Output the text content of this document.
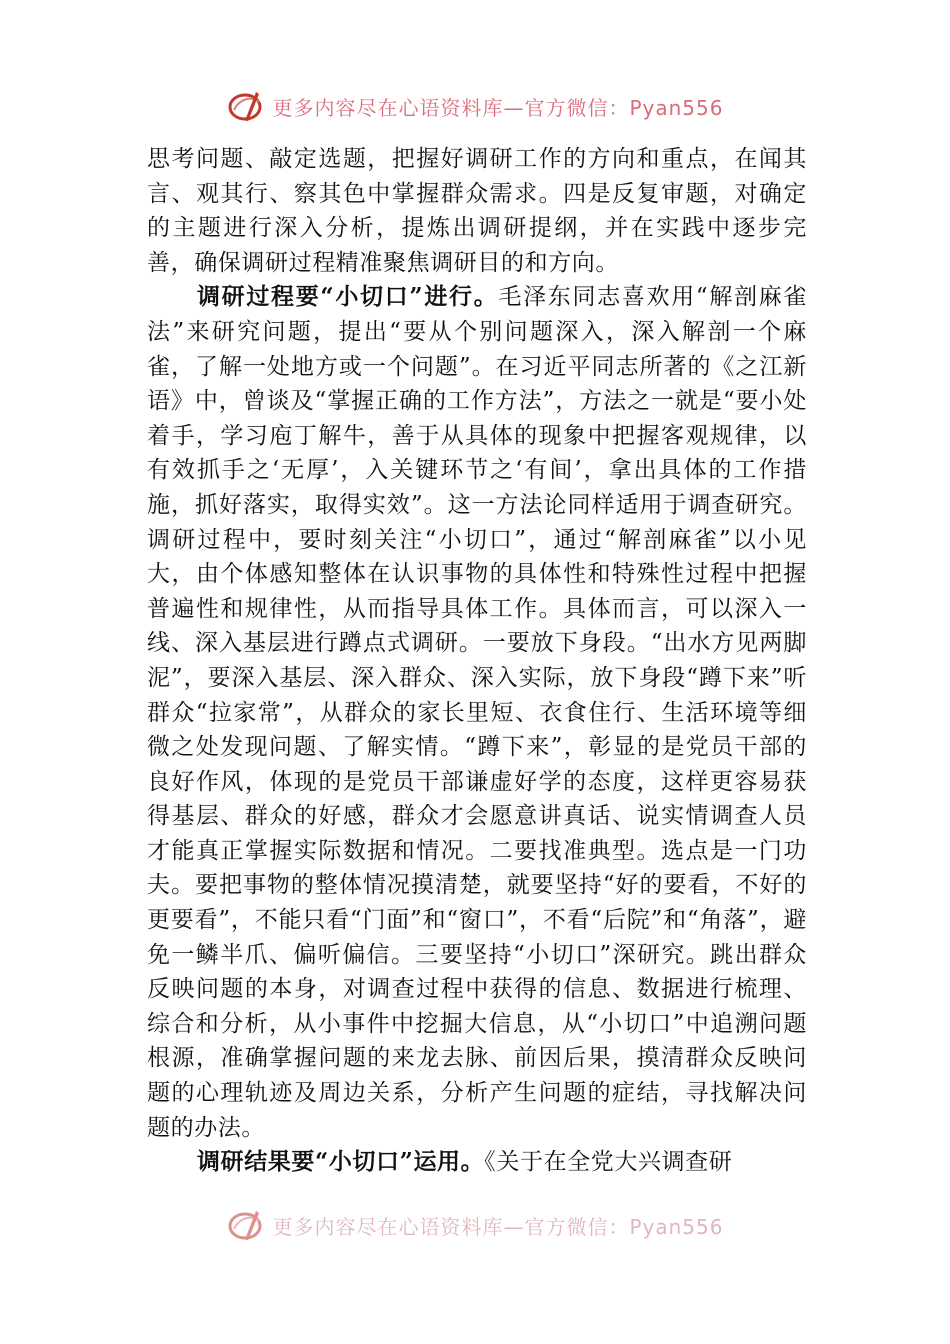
更多内容尽在心语资料库—官方微信：Pyan556

思考问题、敲定选题，把握好调研工作的方向和重点，在闻其言、观其行、察其色中掌握群众需求。四是反复审题，对确定的主题进行深入分析，提炼出调研提纲，并在实践中逐步完善，确保调研过程精准聚焦调研目的和方向。

调研过程要“小切口”进行。毛泽东同志喜欢用“解剖麻雀法”来研究问题，提出“要从个别问题深入，深入解剖一个麻雀，了解一处地方或一个问题”。在习近平同志所著的《之江新语》中，曾谈及“掌握正确的工作方法”，方法之一就是“要小处着手，学习庖丁解牛，善于从具体的现象中把握客观规律，以有效抓手之‘无厚’，入关键环节之‘有间’，拿出具体的工作措施，抓好落实，取得实效”。这一方法论同样适用于调查研究。调研过程中，要时刻关注“小切口”，通过“解剖麻雀”以小见大，由个体感知整体在认识事物的具体性和特殊性过程中把握普遍性和规律性，从而指导具体工作。具体而言，可以深入一线、深入基层进行蹲点式调研。一要放下身段。“出水方见两脚泥”，要深入基层、深入群众、深入实际，放下身段“蹲下来”听群众“拉家常”，从群众的家长里短、衣食住行、生活环境等细微之处发现问题、了解实情。“蹲下来”，彰显的是党员干部的良好作风，体现的是党员干部谦虚好学的态度，这样更容易获得基层、群众的好感，群众才会愿意讲真话、说实情调查人员才能真正掌握实际数据和情况。二要找准典型。选点是一门功夫。要把事物的整体情况摸清楚，就要坚持“好的要看，不好的更要看”，不能只看“门面”和“窗口”，不看“后院”和“角落”，避免一鳞半爪、偏听偏信。三要坚持“小切口”深研究。跳出群众反映问题的本身，对调查过程中获得的信息、数据进行梳理、综合和分析，从小事件中挖掘大信息，从“小切口”中追溯问题根源，准确掌握问题的来龙去脉、前因后果，摸清群众反映问题的心理轨迹及周边关系，分析产生问题的症结，寻找解决问题的办法。

调研结果要“小切口”运用。《关于在全党大兴调查研

更多内容尽在心语资料库—官方微信：Pyan556
